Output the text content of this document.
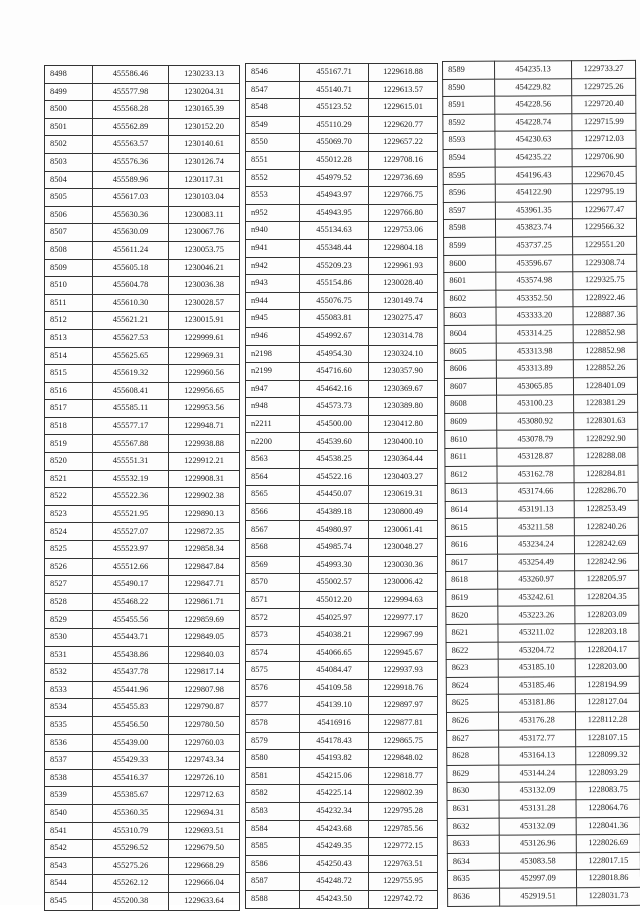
8498	455586.46	1230233.13
8499	455577.98	1230204.31
8500	455568.28	1230165.39
8501	455562.89	1230152.20
8502	455563.57	1230140.61
8503	455576.36	1230126.74
8504	455589.96	1230117.31
8505	455617.03	1230103.04
8506	455630.36	1230083.11
8507	455630.09	1230067.76
8508	455611.24	1230053.75
8509	455605.18	1230046.21
8510	455604.78	1230036.38
8511	455610.30	1230028.57
8512	455621.21	1230015.91
8513	455627.53	1229999.61
8514	455625.65	1229969.31
8515	455619.32	1229960.56
8516	455608.41	1229956.65
8517	455585.11	1229953.56
8518	455577.17	1229948.71
8519	455567.88	1229938.88
8520	455551.31	1229912.21
8521	455532.19	1229908.31
8522	455522.36	1229902.38
8523	455521.95	1229890.13
8524	455527.07	1229872.35
8525	455523.97	1229858.34
8526	455512.66	1229847.84
8527	455490.17	1229847.71
8528	455468.22	1229861.71
8529	455455.56	1229859.69
8530	455443.71	1229849.05
8531	455438.86	1229840.03
8532	455437.78	1229817.14
8533	455441.96	1229807.98
8534	455455.83	1229790.87
8535	455456.50	1229780.50
8536	455439.00	1229760.03
8537	455429.33	1229743.34
8538	455416.37	1229726.10
8539	455385.67	1229712.63
8540	455360.35	1229694.31
8541	455310.79	1229693.51
8542	455296.52	1229679.50
8543	455275.26	1229668.29
8544	455262.12	1229666.04
8545	455200.38	1229633.64
8546	455167.71	1229618.88
8547	455140.71	1229613.57
8548	455123.52	1229615.01
8549	455110.29	1229620.77
8550	455069.70	1229657.22
8551	455012.28	1229708.16
8552	454979.52	1229736.69
8553	454943.97	1229766.75
n952	454943.95	1229766.80
n940	455134.63	1229753.06
n941	455348.44	1229804.18
n942	455209.23	1229961.93
n943	455154.86	1230028.40
n944	455076.75	1230149.74
n945	455083.81	1230275.47
n946	454992.67	1230314.78
n2198	454954.30	1230324.10
n2199	454716.60	1230357.90
n947	454642.16	1230369.67
n948	454573.73	1230389.80
n2211	454500.00	1230412.80
n2200	454539.60	1230400.10
8563	454538.25	1230364.44
8564	454522.16	1230403.27
8565	454450.07	1230619.31
8566	454389.18	1230800.49
8567	454980.97	1230061.41
8568	454985.74	1230048.27
8569	454993.30	1230030.36
8570	455002.57	1230006.42
8571	455012.20	1229994.63
8572	454025.97	1229977.17
8573	454038.21	1229967.99
8574	454066.65	1229945.67
8575	454084.47	1229937.93
8576	454109.58	1229918.76
8577	454139.10	1229897.97
8578	45416916	1229877.81
8579	454178.43	1229865.75
8580	454193.82	1229848.02
8581	454215.06	1229818.77
8582	454225.14	1229802.39
8583	454232.34	1229795.28
8584	454243.68	1229785.56
8585	454249.35	1229772.15
8586	454250.43	1229763.51
8587	454248.72	1229755.95
8588	454243.50	1229742.72
8589	454235.13	1229733.27
8590	454229.82	1229725.26
8591	454228.56	1229720.40
8592	454228.74	1229715.99
8593	454230.63	1229712.03
8594	454235.22	1229706.90
8595	454196.43	1229670.45
8596	454122.90	1229795.19
8597	453961.35	1229677.47
8598	453823.74	1229566.32
8599	453737.25	1229551.20
8600	453596.67	1229308.74
8601	453574.98	1229325.75
8602	453352.50	1228922.46
8603	453333.20	1228887.36
8604	453314.25	1228852.98
8605	453313.98	1228852.98
8606	453313.89	1228852.26
8607	453065.85	1228401.09
8608	453100.23	1228381.29
8609	453080.92	1228301.63
8610	453078.79	1228292.90
8611	453128.87	1228288.08
8612	453162.78	1228284.81
8613	453174.66	1228286.70
8614	453191.13	1228253.49
8615	453211.58	1228240.26
8616	453234.24	1228242.69
8617	453254.49	1228242.96
8618	453260.97	1228205.97
8619	453242.61	1228204.35
8620	453223.26	1228203.09
8621	453211.02	1228203.18
8622	453204.72	1228204.17
8623	453185.10	1228203.00
8624	453185.46	1228194.99
8625	453181.86	1228127.04
8626	453176.28	1228112.28
8627	453172.77	1228107.15
8628	453164.13	1228099.32
8629	453144.24	1228093.29
8630	453132.09	1228083.75
8631	453131.28	1228064.76
8632	453132.09	1228041.36
8633	453126.96	1228026.69
8634	453083.58	1228017.15
8635	452997.09	1228018.86
8636	452919.51	1228031.73
